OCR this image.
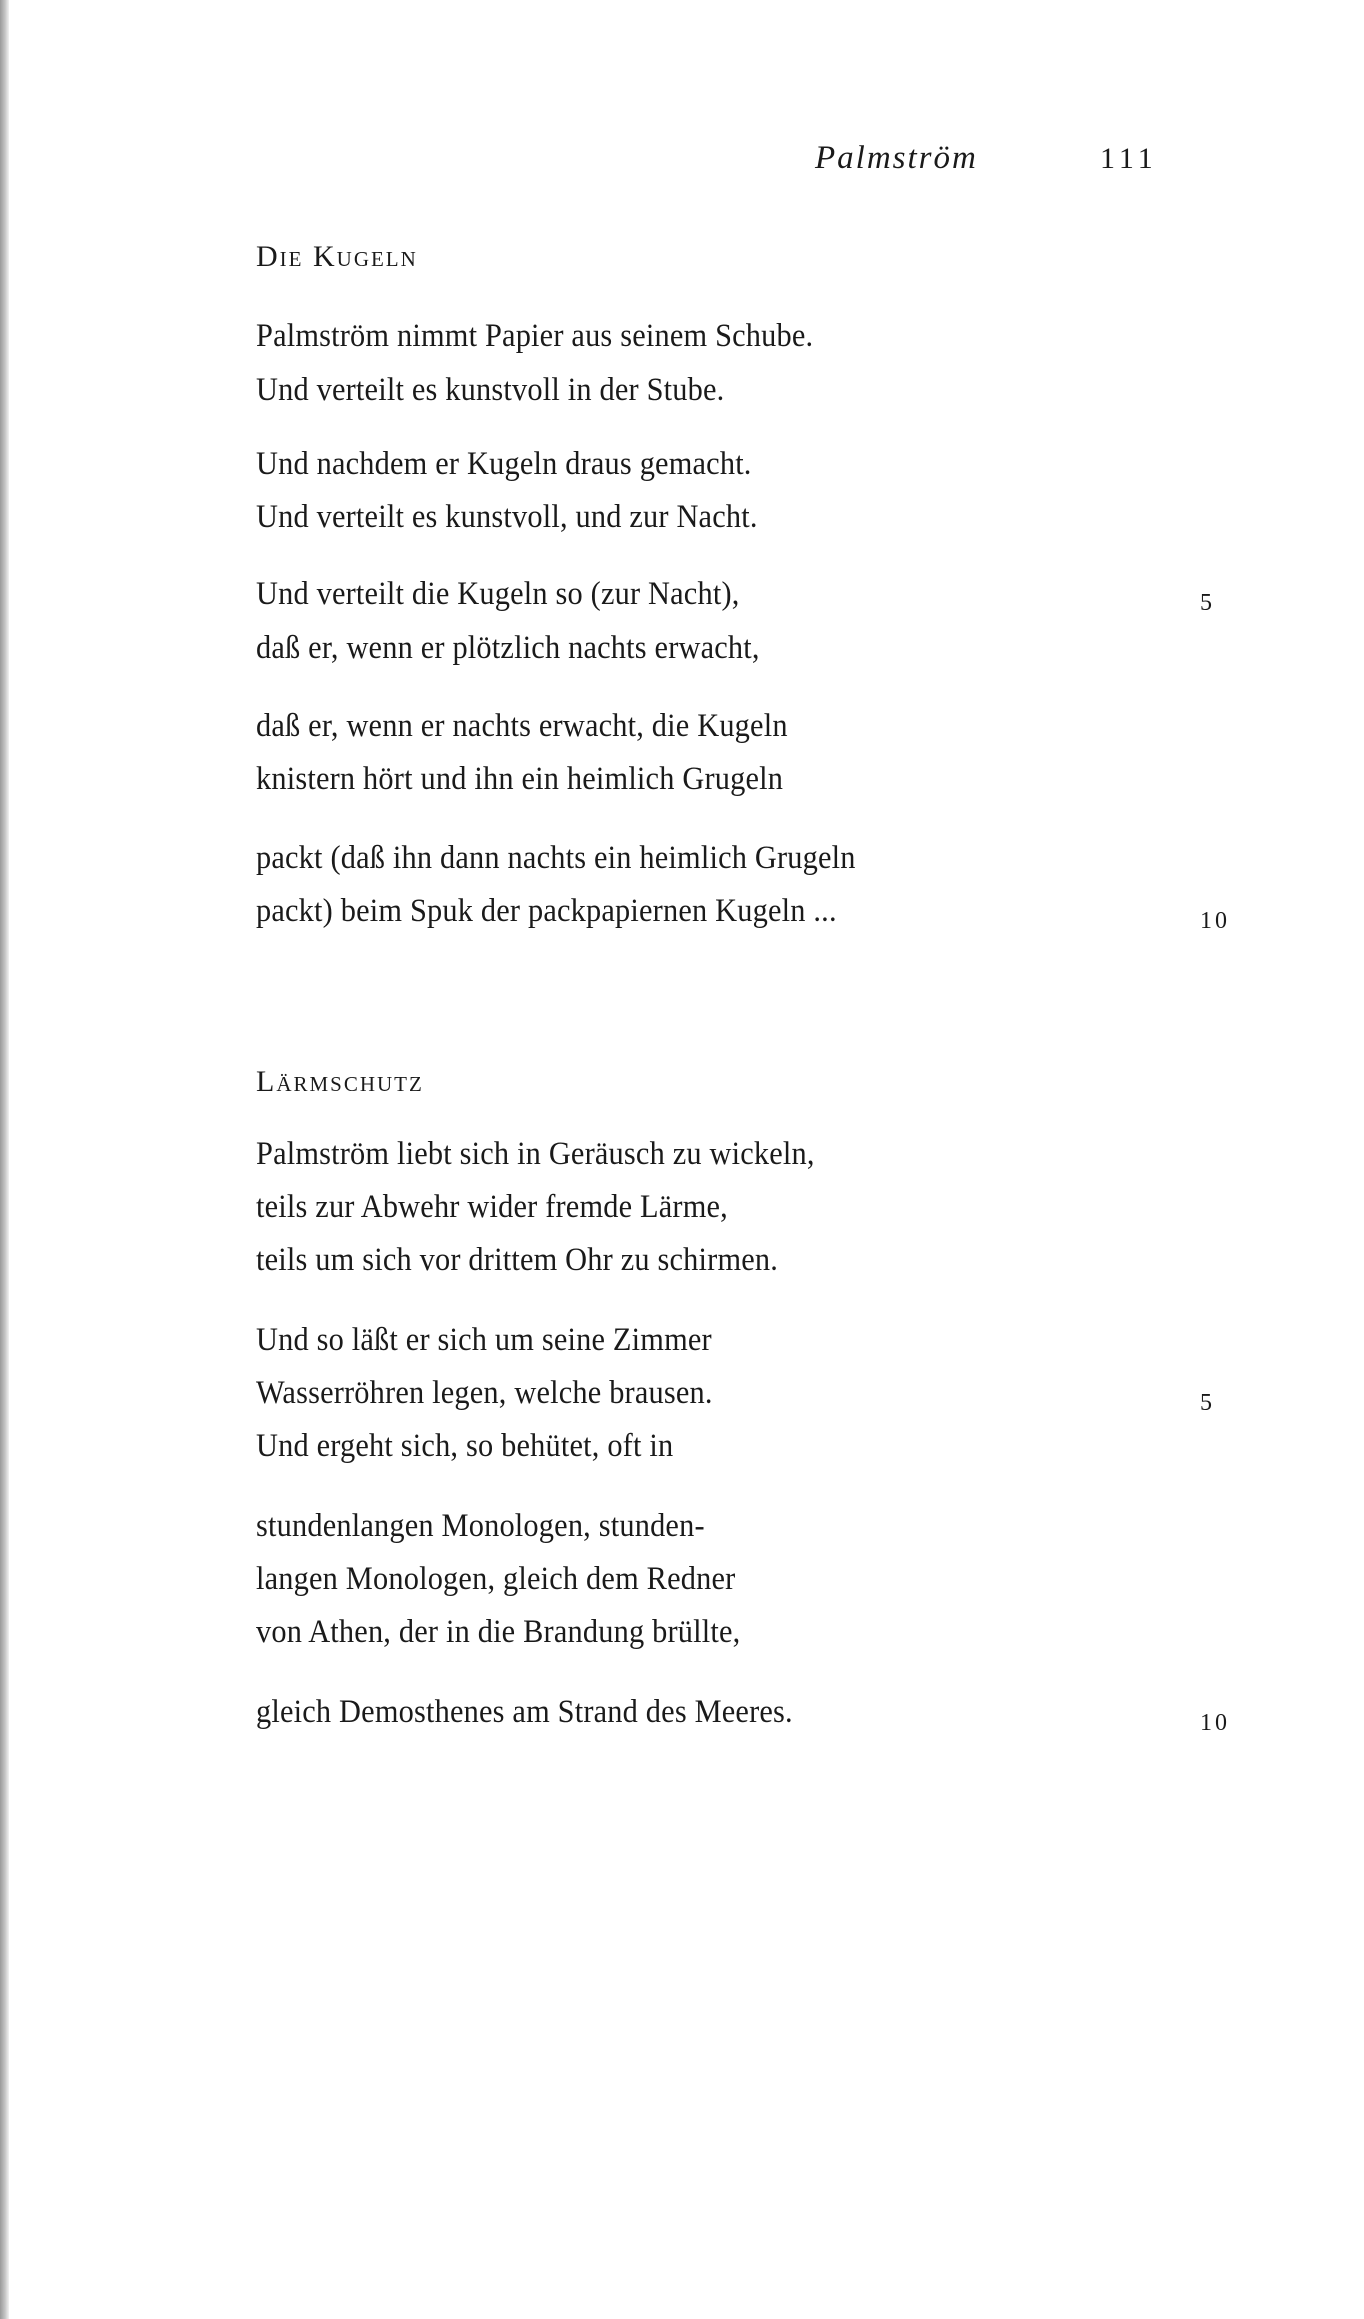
Palmström	111
Die Kugeln
Palmström nimmt Papier aus seinem Schube.
Und verteilt es kunstvoll in der Stube.
Und nachdem er Kugeln draus gemacht.
Und verteilt es kunstvoll, und zur Nacht.
Und verteilt die Kugeln so (zur Nacht),	5
daß er, wenn er plötzlich nachts erwacht,
daß er, wenn er nachts erwacht, die Kugeln
knistern hört und ihn ein heimlich Grugeln
packt (daß ihn dann nachts ein heimlich Grugeln
packt) beim Spuk der packpapiernen Kugeln ...	10
Lärmschutz
Palmström liebt sich in Geräusch zu wickeln,
teils zur Abwehr wider fremde Lärme,
teils um sich vor drittem Ohr zu schirmen.
Und so läßt er sich um seine Zimmer
Wasserröhren legen, welche brausen.	5
Und ergeht sich, so behütet, oft in
stundenlangen Monologen, stunden-
langen Monologen, gleich dem Redner
von Athen, der in die Brandung brüllte,
gleich Demosthenes am Strand des Meeres.	10
